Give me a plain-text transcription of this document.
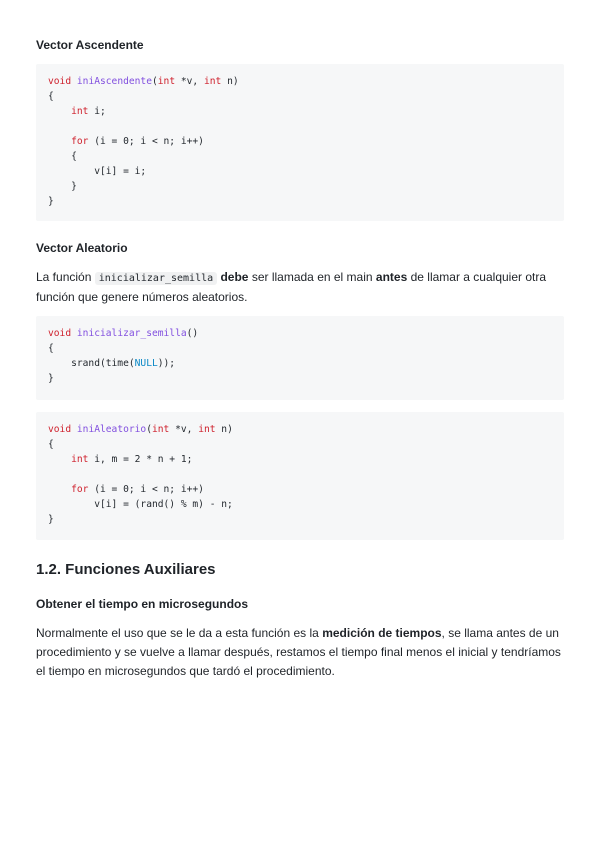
Vector Ascendente
void iniAscendente(int *v, int n)
{
int i;

for (i = 0; i < n; i++)
{
v[i] = i;
}
}
Vector Aleatorio

La función inicializar_semilla debe ser llamada en el main antes de llamar a cualquier otra función que genere números aleatorios.

void inicializar_semilla()
{
srand(time(NULL));
}
void iniAleatorio(int *v, int n)
{
int i, m = 2 * n + 1;

for (i = 0; i < n; i++)
v[i] = (rand() % m) - n;
}
1.2. Funciones Auxiliares
Obtener el tiempo en microsegundos

Normalmente el uso que se le da a esta función es la medición de tiempos, se llama antes de un procedimiento y se vuelve a llamar después, restamos el tiempo final menos el inicial y tendríamos el tiempo en microsegundos que tardó el procedimiento.
